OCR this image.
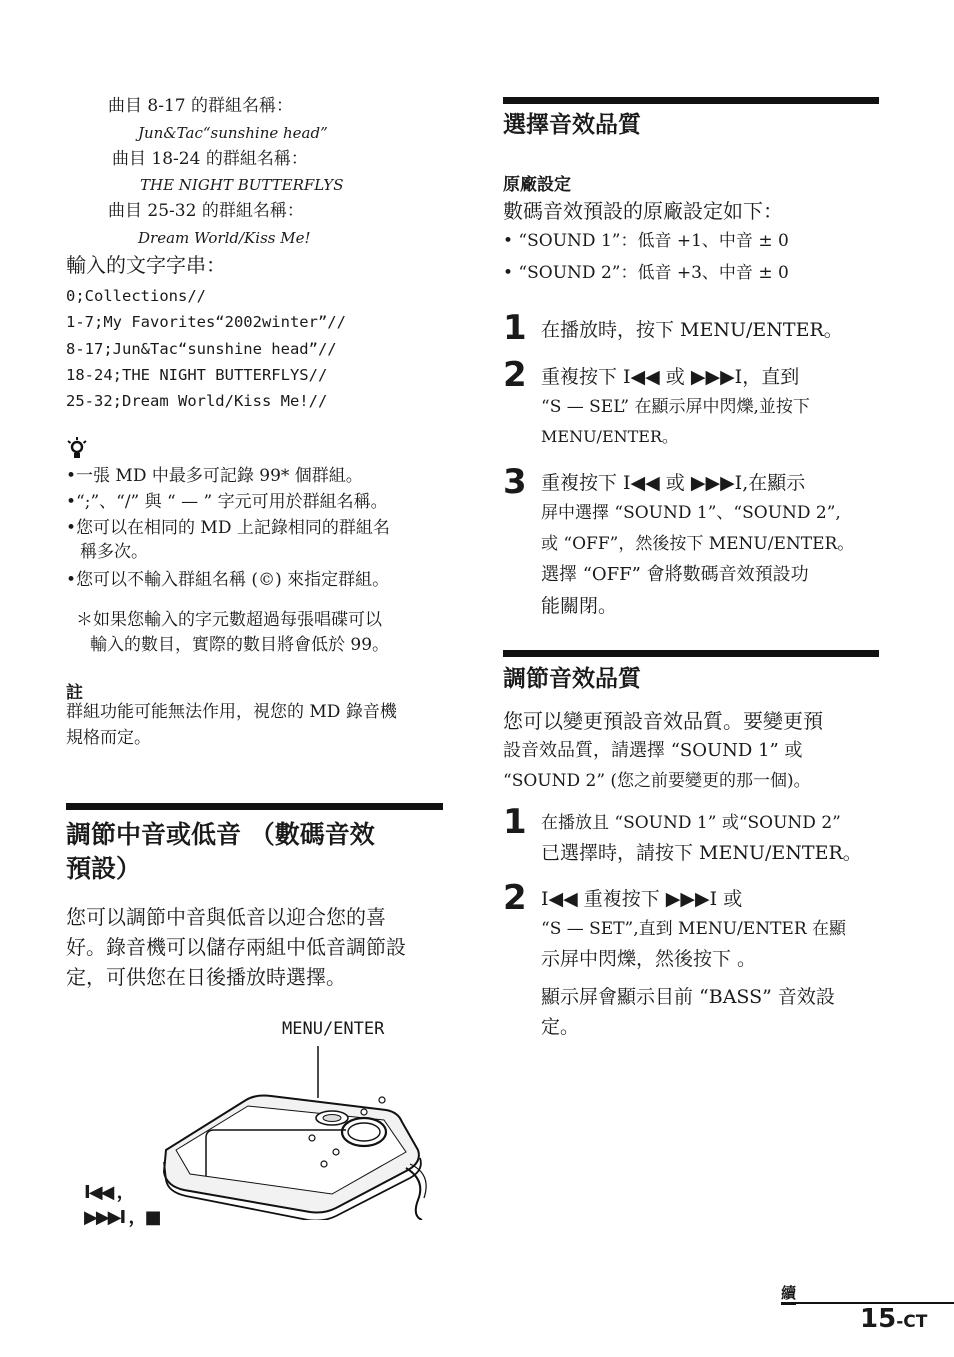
曲目 8-17 的群組名稱：
Jun&Tac“sunshine head”
曲目 18-24 的群組名稱：
THE NIGHT BUTTERFLYS
曲目 25-32 的群組名稱：
Dream World/Kiss Me!
輸入的文字字串：
0;Collections//
1-7;My Favorites“2002winter”//
8-17;Jun&Tac“sunshine head”//
18-24;THE NIGHT BUTTERFLYS//
25-32;Dream World/Kiss Me!//
•一張 MD 中最多可記錄 99* 個群組。
•“;”、“/” 與 “ — ” 字元可用於群組名稱。
•您可以在相同的 MD 上記錄相同的群組名
稱多次。
•您可以不輸入群組名稱 (©) 來指定群組。
＊如果您輸入的字元數超過每張唱碟可以
輸入的數目，實際的數目將會低於 99。
註
群組功能可能無法作用，視您的 MD 錄音機
規格而定。
調節中音或低音 （數碼音效
預設）
您可以調節中音與低音以迎合您的喜
好。錄音機可以儲存兩組中低音調節設
定，可供您在日後播放時選擇。
MENU/ENTER
I◀◀ ，
▶▶▶I ，■
選擇音效品質
原廠設定
數碼音效預設的原廠設定如下：
• “SOUND 1”：低音 +1、中音 ± 0
• “SOUND 2”：低音 +3、中音 ± 0
1 在播放時，按下 MENU/ENTER。
2 重複按下 I◀◀ 或 ▶▶▶I，直到
“S — SEL” 在顯示屏中閃爍,並按下
MENU/ENTER。
3 重複按下 I◀◀ 或 ▶▶▶I,在顯示
屏中選擇 “SOUND 1”、“SOUND 2”,
或 “OFF”，然後按下 MENU/ENTER。
選擇 “OFF” 會將數碼音效預設功
能關閉。
調節音效品質
您可以變更預設音效品質。要變更預
設音效品質，請選擇 “SOUND 1” 或
“SOUND 2” (您之前要變更的那一個)。
1 在播放且 “SOUND 1” 或“SOUND 2”
已選擇時，請按下 MENU/ENTER。
2 I◀◀ 重複按下 ▶▶▶I 或
“S — SET”,直到 MENU/ENTER 在顯
示屏中閃爍，然後按下 。
顯示屏會顯示目前 “BASS” 音效設
定。
續
15-CT
